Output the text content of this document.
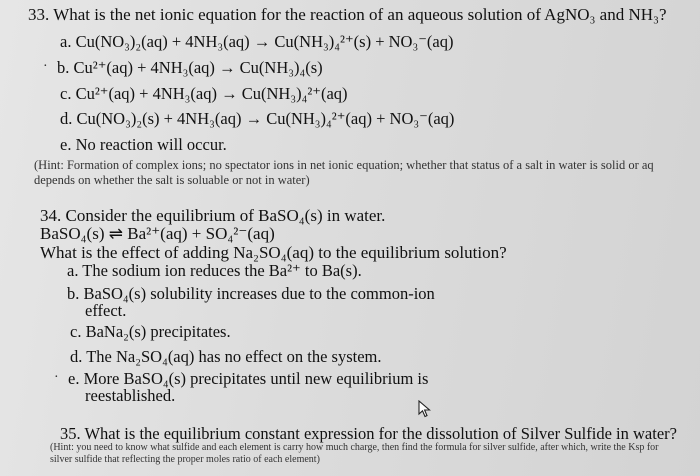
33. What is the net ionic equation for the reaction of an aqueous solution of AgNO₃ and NH₃?
a. Cu(NO₃)₂(aq) + 4NH₃(aq) → Cu(NH₃)₄²⁺(s) + NO₃⁻(aq)
· b. Cu²⁺(aq) + 4NH₃(aq) → Cu(NH₃)₄(s)
c. Cu²⁺(aq) + 4NH₃(aq) → Cu(NH₃)₄²⁺(aq)
d. Cu(NO₃)₂(s) + 4NH₃(aq) → Cu(NH₃)₄²⁺(aq) + NO₃⁻(aq)
e. No reaction will occur.
(Hint: Formation of complex ions; no spectator ions in net ionic equation; whether that status of a salt in water is solid or aq
depends on whether the salt is soluable or not in water)
34. Consider the equilibrium of BaSO₄(s) in water.
BaSO₄(s) ⇌ Ba²⁺(aq) + SO₄²⁻(aq)
What is the effect of adding Na₂SO₄(aq) to the equilibrium solution?
a. The sodium ion reduces the Ba²⁺ to Ba(s).
b. BaSO₄(s) solubility increases due to the common-ion
effect.
c. BaNa₂(s) precipitates.
d. The Na₂SO₄(aq) has no effect on the system.
· e. More BaSO₄(s) precipitates until new equilibrium is
reestablished.
35. What is the equilibrium constant expression for the dissolution of Silver Sulfide in water?
(Hint: you need to know what sulfide and each element is carry how much charge, then find the formula for silver sulfide, after which, write the Ksp for
silver sulfide that reflecting the proper moles ratio of each element)
